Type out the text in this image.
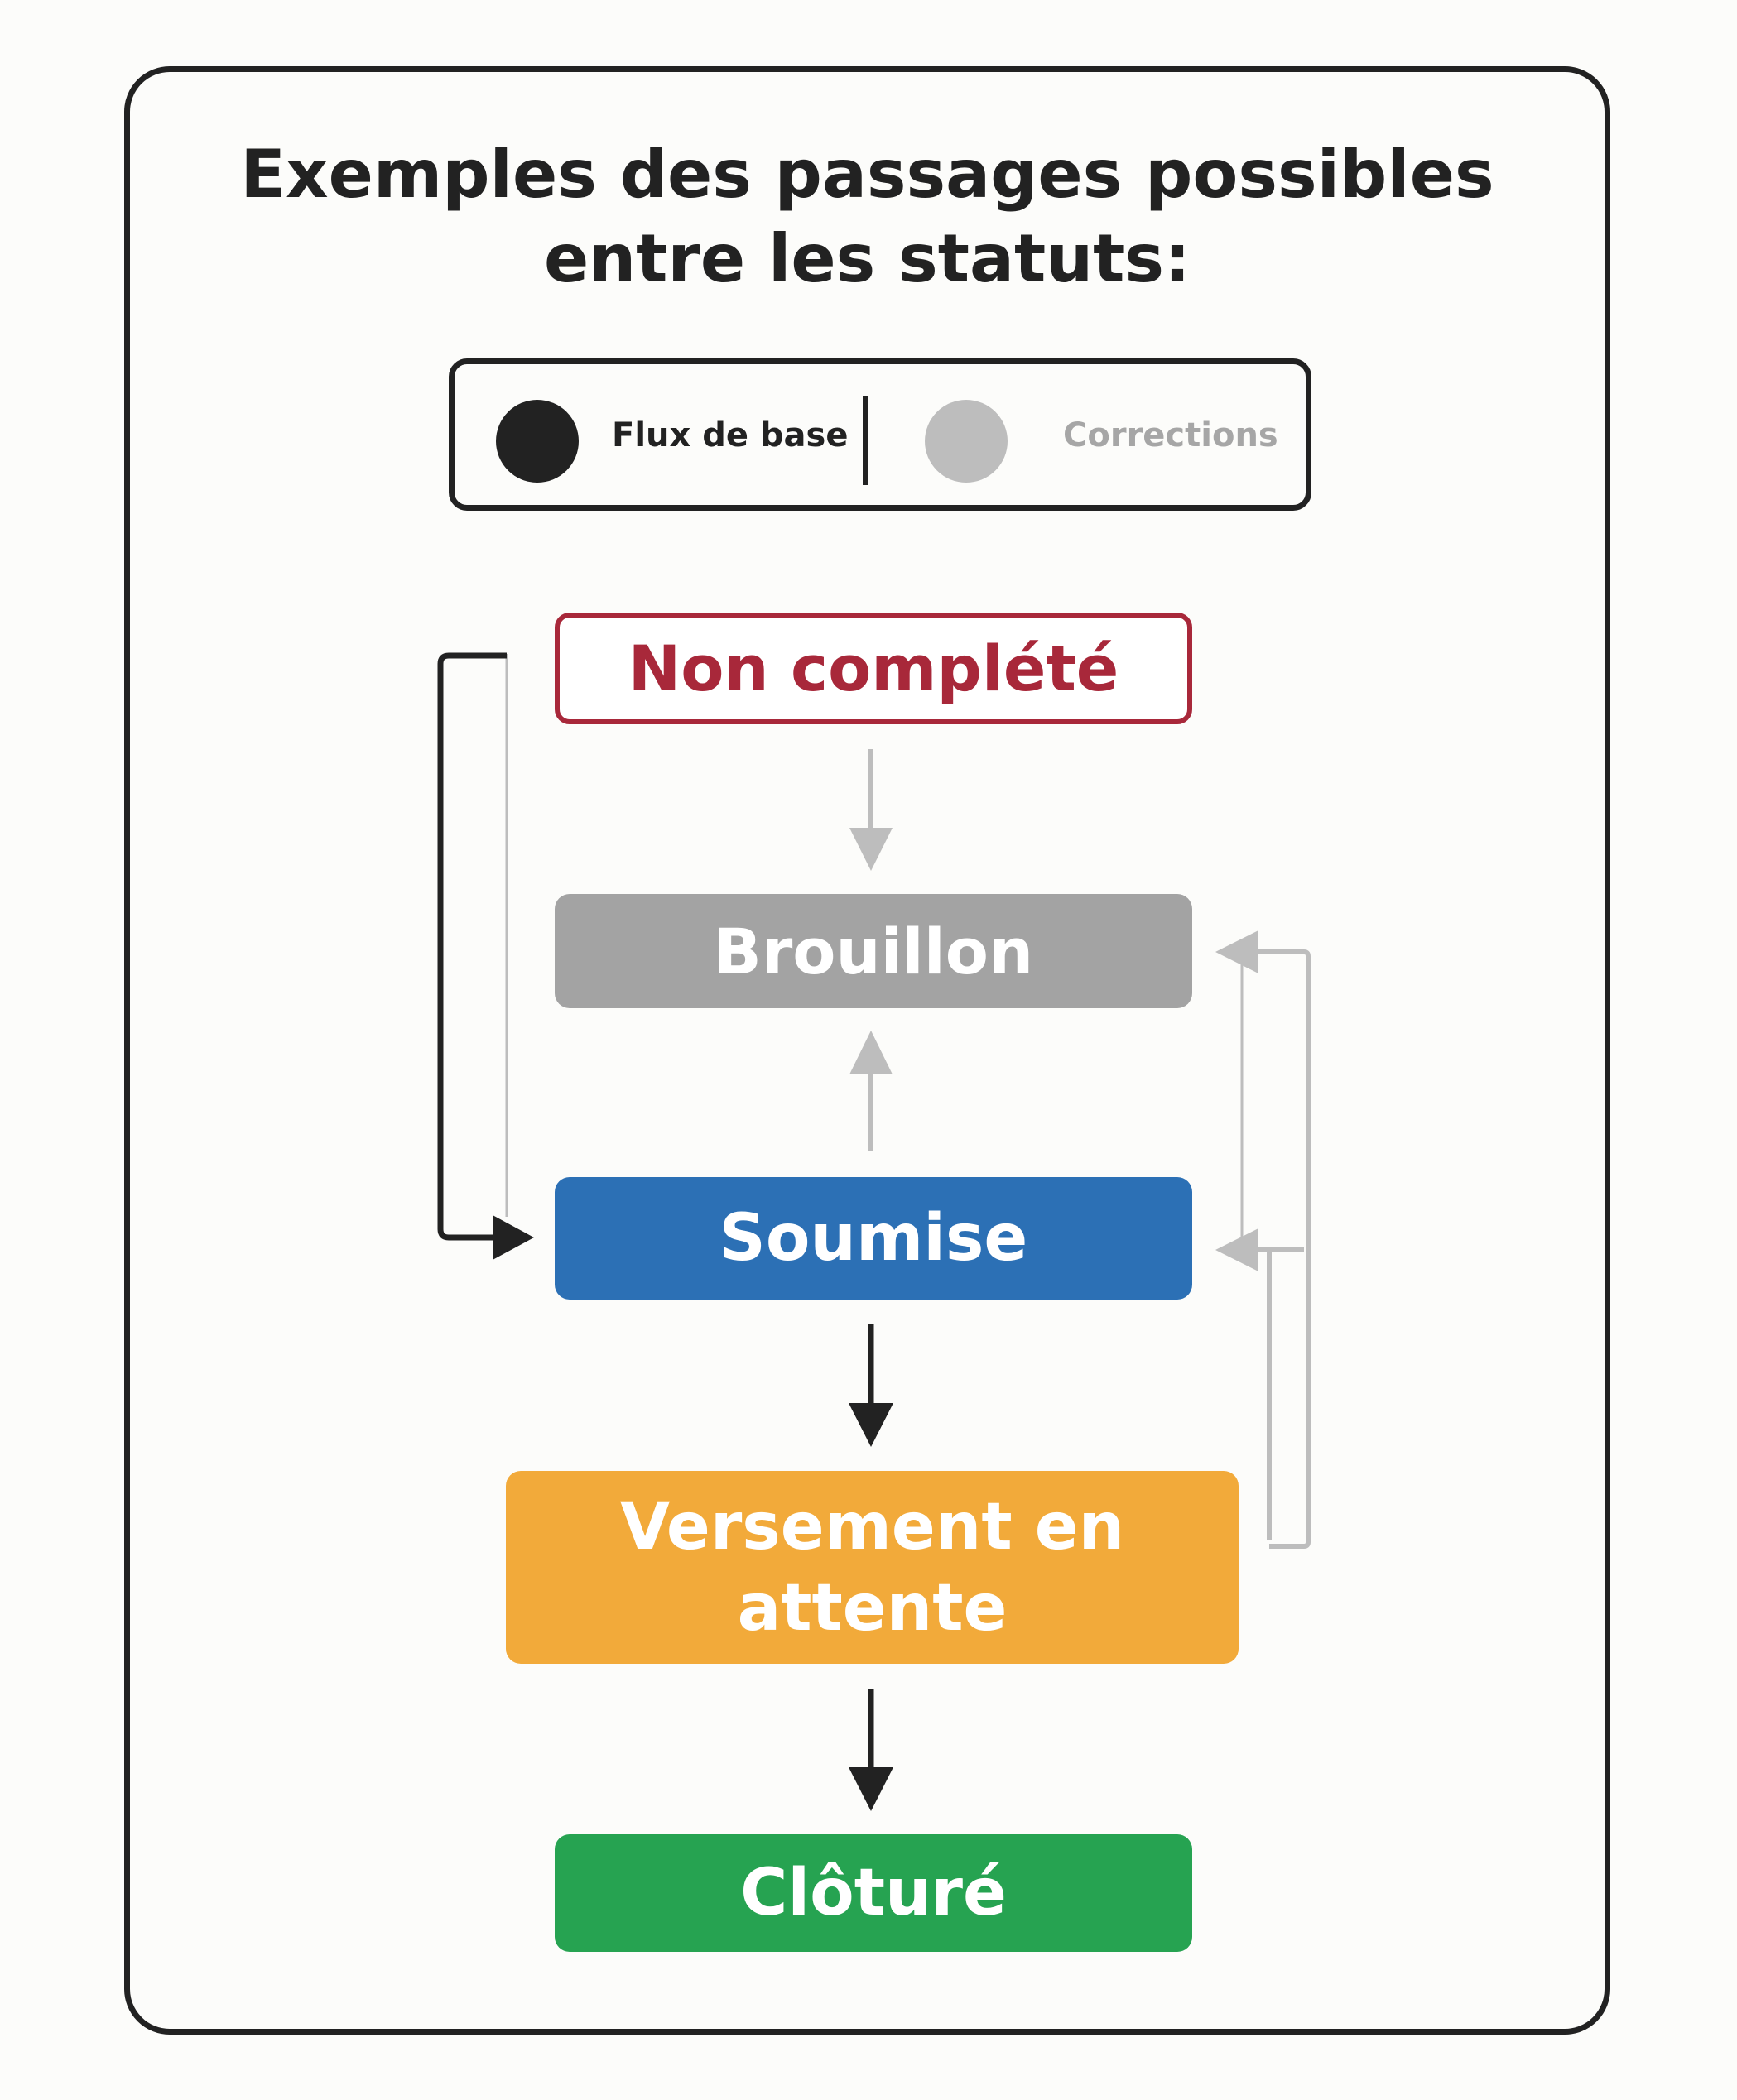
Exemples des passages possibles
entre les statuts:
Flux de base	Corrections
Non complété
Brouillon
Soumise
Versement en
attente
Clôturé
